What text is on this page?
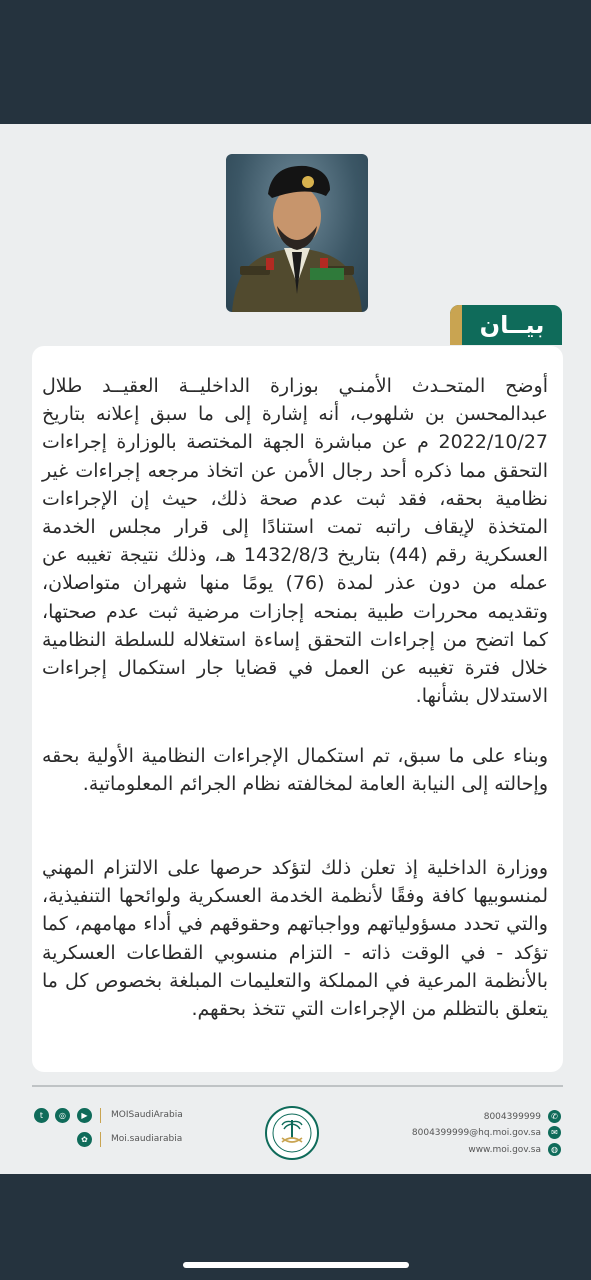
بيــان

أوضح المتحـدث الأمنـي بوزارة الداخليــة العقيــد طلال عبدالمحسن بن شلهوب، أنه إشارة إلى ما سبق إعلانه بتاريخ 2022/10/27 م عن مباشرة الجهة المختصة بالوزارة إجراءات التحقق مما ذكره أحد رجال الأمن عن اتخاذ مرجعه إجراءات غير نظامية بحقه، فقد ثبت عدم صحة ذلك، حيث إن الإجراءات المتخذة لإيقاف راتبه تمت استنادًا إلى قرار مجلس الخدمة العسكرية رقم (44) بتاريخ 1432/8/3 هـ، وذلك نتيجة تغيبه عن عمله من دون عذر لمدة (76) يومًا منها شهران متواصلان، وتقديمه محررات طبية بمنحه إجازات مرضية ثبت عدم صحتها، كما اتضح من إجراءات التحقق إساءة استغلاله للسلطة النظامية خلال فترة تغيبه عن العمل في قضايا جار استكمال إجراءات الاستدلال بشأنها.

وبناء على ما سبق، تم استكمال الإجراءات النظامية الأولية بحقه وإحالته إلى النيابة العامة لمخالفته نظام الجرائم المعلوماتية.

ووزارة الداخلية إذ تعلن ذلك لتؤكد حرصها على الالتزام المهني لمنسوبيها كافة وفقًا لأنظمة الخدمة العسكرية ولوائحها التنفيذية، والتي تحدد مسؤولياتهم وواجباتهم وحقوقهم في أداء مهامهم، كما تؤكد - في الوقت ذاته - التزام منسوبي القطاعات العسكرية بالأنظمة المرعية في المملكة والتعليمات المبلغة بخصوص كل ما يتعلق بالتظلم من الإجراءات التي تتخذ بحقهم.

t	◎	▶	MOISaudiArabia
✿	Moi.saudiarabia
8004399999	✆
8004399999@hq.moi.gov.sa	✉
www.moi.gov.sa	◍
